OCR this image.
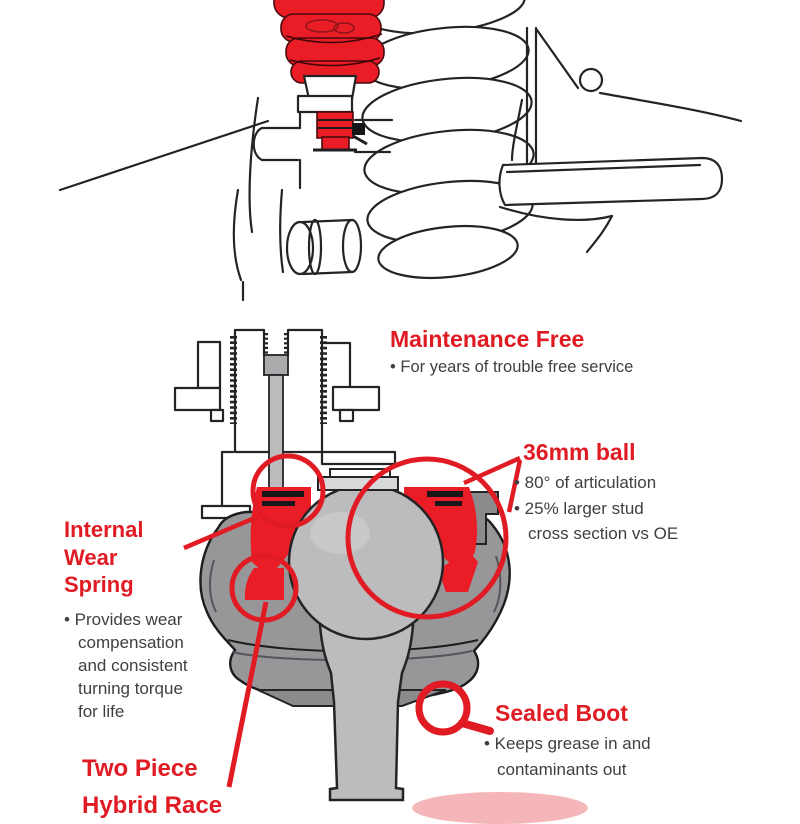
Maintenance Free
• For years of trouble free service
36mm ball
• 80° of articulation
• 25% larger stud
cross section vs OE
Internal
Wear
Spring
• Provides wear
compensation
and consistent
turning torque
for life	Sealed Boot
• Keeps grease in and
contaminants out
Two Piece
Hybrid Race
